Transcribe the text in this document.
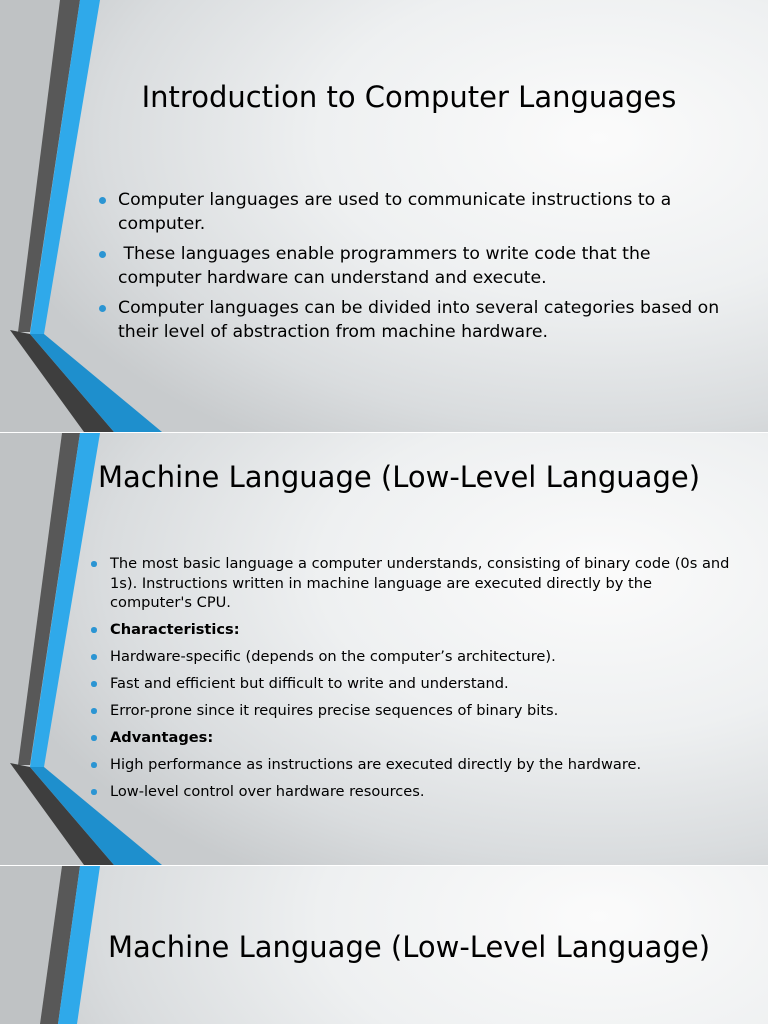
Introduction to Computer Languages
Computer languages are used to communicate instructions to a computer.
These languages enable programmers to write code that the computer hardware can understand and execute.
Computer languages can be divided into several categories based on their level of abstraction from machine hardware.
Machine Language (Low-Level Language)
The most basic language a computer understands, consisting of binary code (0s and 1s). Instructions written in machine language are executed directly by the computer's CPU.
Characteristics:
Hardware-specific (depends on the computer’s architecture).
Fast and efficient but difficult to write and understand.
Error-prone since it requires precise sequences of binary bits.
Advantages:
High performance as instructions are executed directly by the hardware.
Low-level control over hardware resources.
Machine Language (Low-Level Language)
